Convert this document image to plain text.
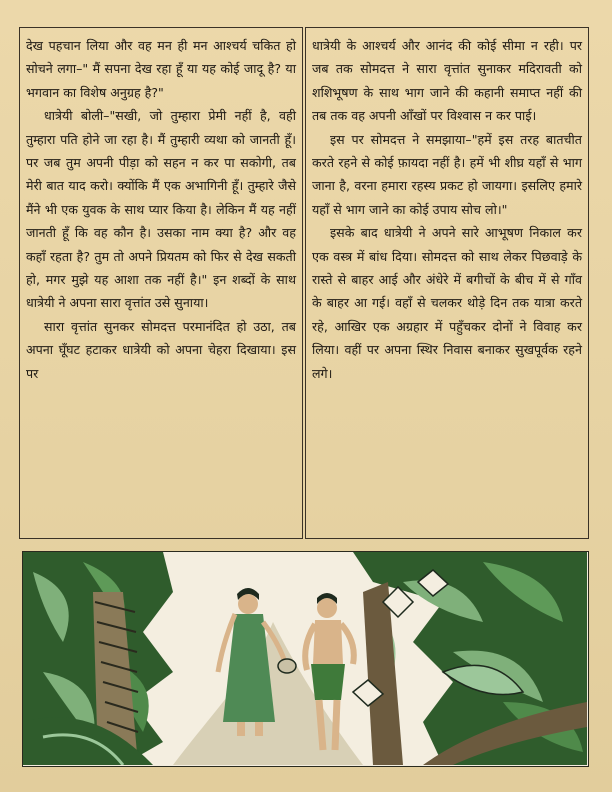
देख पहचान लिया और वह मन ही मन आश्चर्य चकित हो सोचने लगा–" मैं सपना देख रहा हूँ या यह कोई जादू है? या भगवान का विशेष अनुग्रह है?"

धात्रेयी बोली–"सखी, जो तुम्हारा प्रेमी नहीं है, वही तुम्हारा पति होने जा रहा है। मैं तुम्हारी व्यथा को जानती हूँ। पर जब तुम अपनी पीड़ा को सहन न कर पा सकोगी, तब मेरी बात याद करो। क्योंकि मैं एक अभागिनी हूँ। तुम्हारे जैसे मैंने भी एक युवक के साथ प्यार किया है। लेकिन मैं यह नहीं जानती हूँ कि वह कौन है। उसका नाम क्या है? और वह कहाँ रहता है? तुम तो अपने प्रियतम को फिर से देख सकती हो, मगर मुझे यह आशा तक नहीं है।" इन शब्दों के साथ धात्रेयी ने अपना सारा वृत्तांत उसे सुनाया।

सारा वृत्तांत सुनकर सोमदत्त परमानंदित हो उठा, तब अपना घूँघट हटाकर धात्रेयी को अपना चेहरा दिखाया। इस पर

धात्रेयी के आश्चर्य और आनंद की कोई सीमा न रही। पर जब तक सोमदत्त ने सारा वृत्तांत सुनाकर मदिरावती को शशिभूषण के साथ भाग जाने की कहानी समाप्त नहीं की तब तक वह अपनी आँखों पर विश्वास न कर पाई।

इस पर सोमदत्त ने समझाया–"हमें इस तरह बातचीत करते रहने से कोई फ़ायदा नहीं है। हमें भी शीघ्र यहाँ से भाग जाना है, वरना हमारा रहस्य प्रकट हो जायगा। इसलिए हमारे यहाँ से भाग जाने का कोई उपाय सोच लो।"

इसके बाद धात्रेयी ने अपने सारे आभूषण निकाल कर एक वस्त्र में बांध दिया। सोमदत्त को साथ लेकर पिछवाड़े के रास्ते से बाहर आई और अंधेरे में बगीचों के बीच में से गाँव के बाहर आ गई। वहाँ से चलकर थोड़े दिन तक यात्रा करते रहे, आखिर एक अग्रहार में पहुँचकर दोनों ने विवाह कर लिया। वहीं पर अपना स्थिर निवास बनाकर सुखपूर्वक रहने लगे।
